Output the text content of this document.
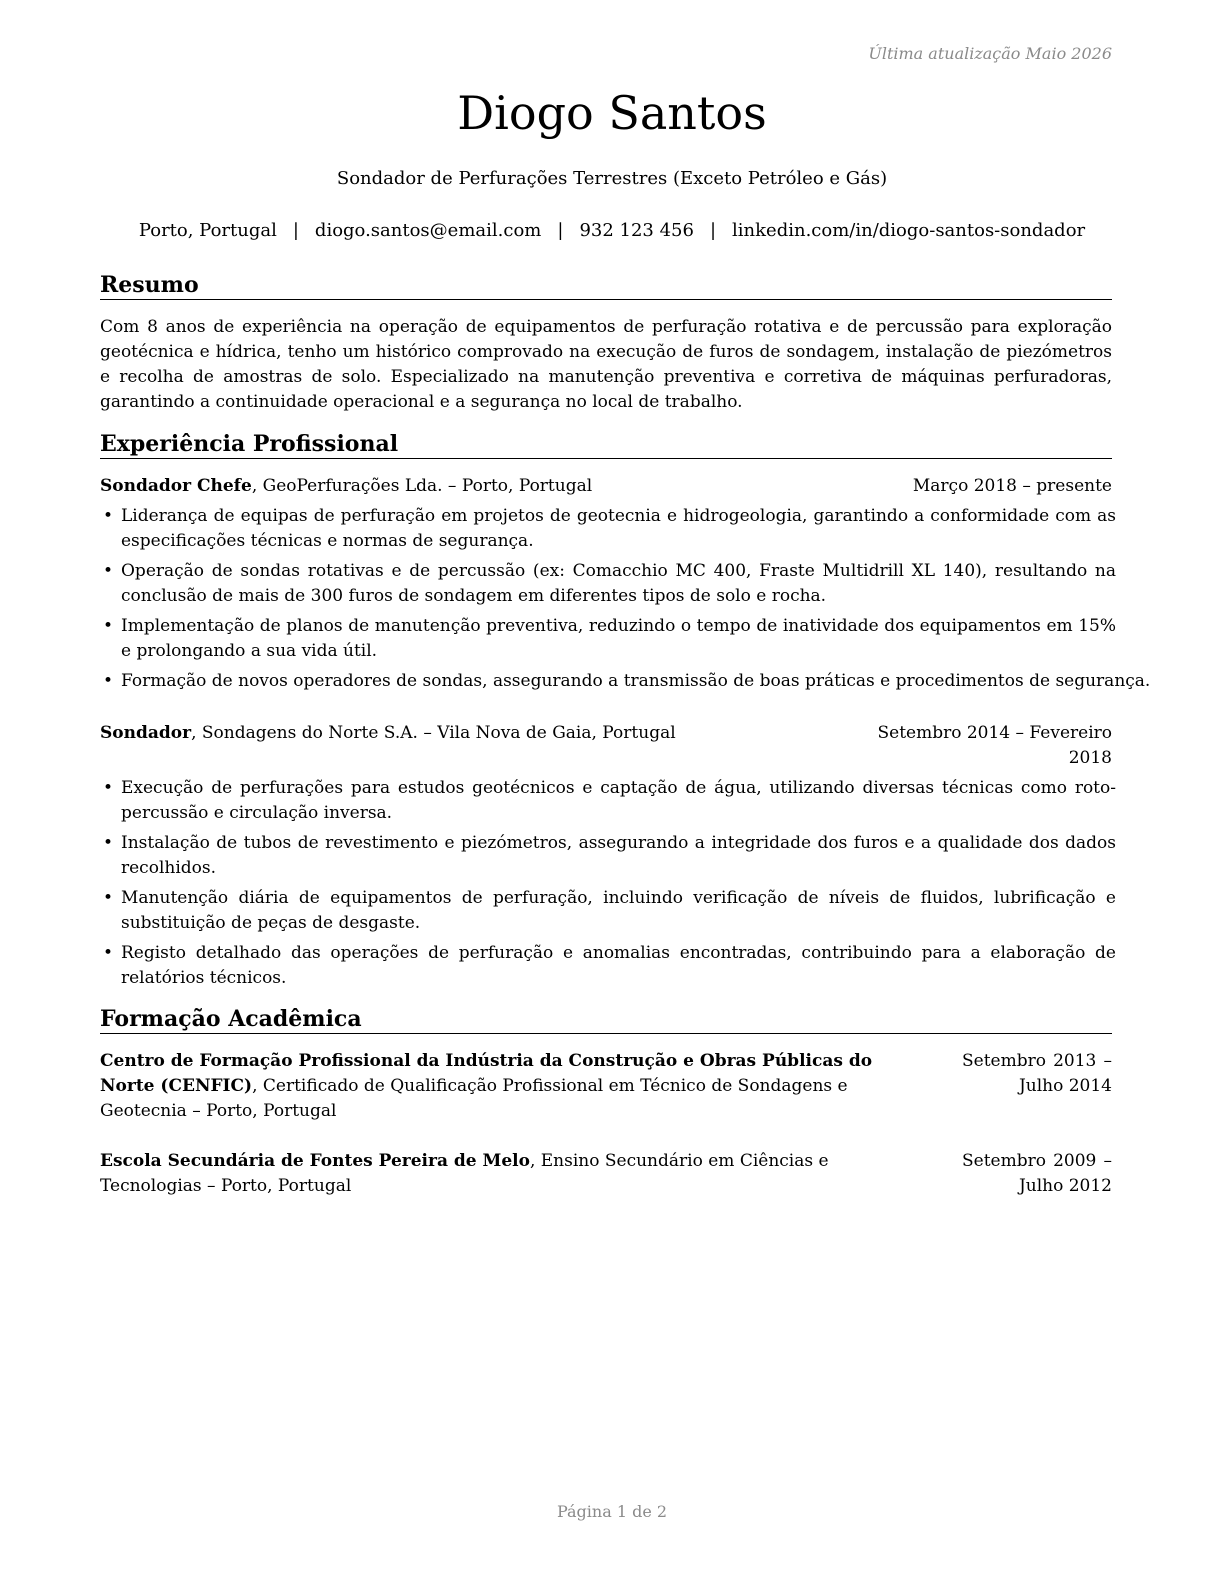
Última atualização Maio 2026
Diogo Santos
Sondador de Perfurações Terrestres (Exceto Petróleo e Gás)
Porto, Portugal | diogo.santos@email.com | 932 123 456 | linkedin.com/in/diogo-santos-sondador
Resumo
Com 8 anos de experiência na operação de equipamentos de perfuração rotativa e de percussão para exploração geotécnica e hídrica, tenho um histórico comprovado na execução de furos de sondagem, instalação de piezómetros e recolha de amostras de solo. Especializado na manutenção preventiva e corretiva de máquinas perfuradoras, garantindo a continuidade operacional e a segurança no local de trabalho.
Experiência Profissional
Sondador Chefe, GeoPerfurações Lda. – Porto, Portugal	Março 2018 – presente
• Liderança de equipas de perfuração em projetos de geotecnia e hidrogeologia, garantindo a conformidade com as especificações técnicas e normas de segurança.
• Operação de sondas rotativas e de percussão (ex: Comacchio MC 400, Fraste Multidrill XL 140), resultando na conclusão de mais de 300 furos de sondagem em diferentes tipos de solo e rocha.
• Implementação de planos de manutenção preventiva, reduzindo o tempo de inatividade dos equipamentos em 15% e prolongando a sua vida útil.
• Formação de novos operadores de sondas, assegurando a transmissão de boas práticas e procedimentos de segurança.
Sondador, Sondagens do Norte S.A. – Vila Nova de Gaia, Portugal	Setembro 2014 – Fevereiro
2018
• Execução de perfurações para estudos geotécnicos e captação de água, utilizando diversas técnicas como roto-percussão e circulação inversa.
• Instalação de tubos de revestimento e piezómetros, assegurando a integridade dos furos e a qualidade dos dados recolhidos.
• Manutenção diária de equipamentos de perfuração, incluindo verificação de níveis de fluidos, lubrificação e substituição de peças de desgaste.
• Registo detalhado das operações de perfuração e anomalias encontradas, contribuindo para a elaboração de relatórios técnicos.
Formação Acadêmica
Centro de Formação Profissional da Indústria da Construção e Obras Públicas do Norte (CENFIC), Certificado de Qualificação Profissional em Técnico de Sondagens e Geotecnia – Porto, Portugal
Setembro 2013 – Julho 2014
Escola Secundária de Fontes Pereira de Melo, Ensino Secundário em Ciências e Tecnologias – Porto, Portugal
Setembro 2009 – Julho 2012
Página 1 de 2
